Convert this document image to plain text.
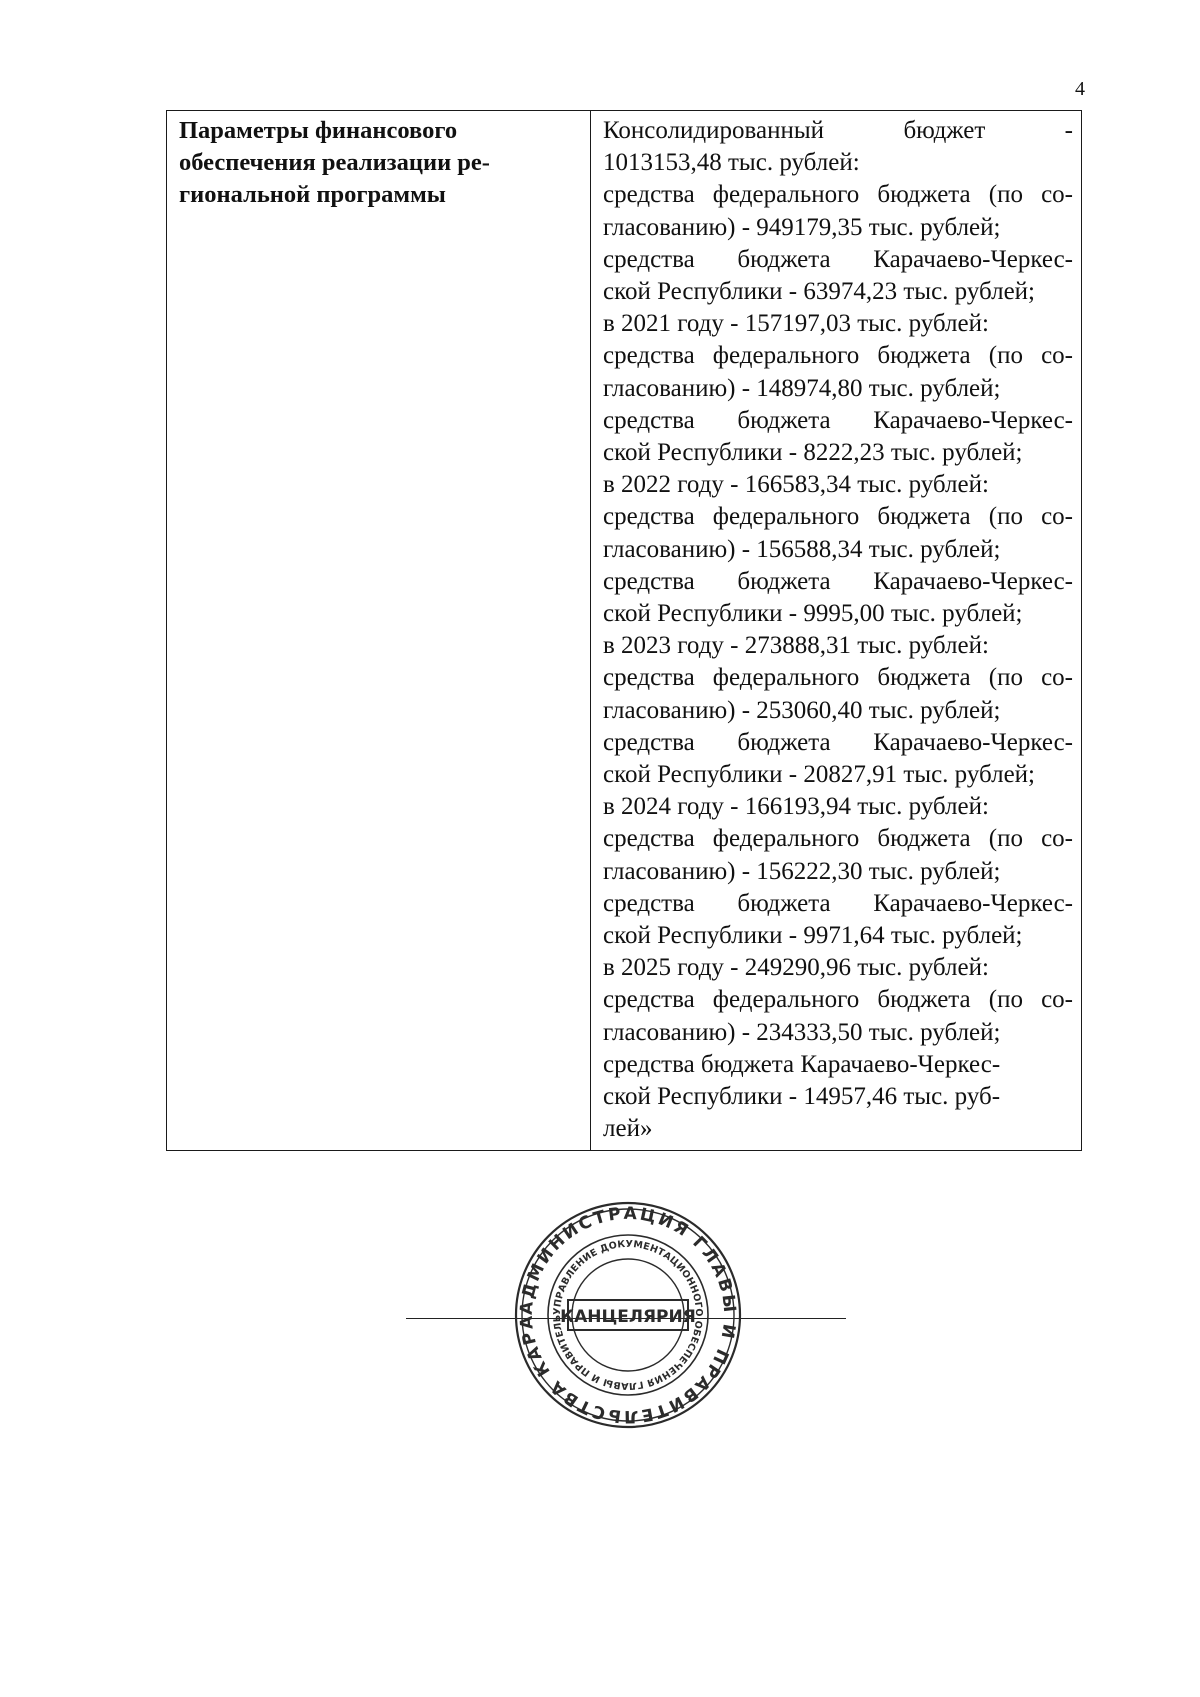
4
Параметры финансового
обеспечения реализации ре-
гиональной программы

Консолидированный бюджет -
1013153,48 тыс. рублей:
средства федерального бюджета (по со-
гласованию) - 949179,35 тыс. рублей;
средства бюджета Карачаево-Черкес-
ской Республики - 63974,23 тыс. рублей;
в 2021 году - 157197,03 тыс. рублей:
средства федерального бюджета (по со-
гласованию) - 148974,80 тыс. рублей;
средства бюджета Карачаево-Черкес-
ской Республики - 8222,23 тыс. рублей;
в 2022 году - 166583,34 тыс. рублей:
средства федерального бюджета (по со-
гласованию) - 156588,34 тыс. рублей;
средства бюджета Карачаево-Черкес-
ской Республики - 9995,00 тыс. рублей;
в 2023 году - 273888,31 тыс. рублей:
средства федерального бюджета (по со-
гласованию) - 253060,40 тыс. рублей;
средства бюджета Карачаево-Черкес-
ской Республики - 20827,91 тыс. рублей;
в 2024 году - 166193,94 тыс. рублей:
средства федерального бюджета (по со-
гласованию) - 156222,30 тыс. рублей;
средства бюджета Карачаево-Черкес-
ской Республики - 9971,64 тыс. рублей;
в 2025 году - 249290,96 тыс. рублей:
средства федерального бюджета (по со-
гласованию) - 234333,50 тыс. рублей;
средства бюджета Карачаево-Черкес-
ской Республики - 14957,46 тыс. руб-
лей»
АДМИНИСТРАЦИЯ ГЛАВЫ И ПРАВИТЕЛЬСТВА КАРА
УПРАВЛЕНИЕ ДОКУМЕНТАЦИОННОГО ОБЕСПЕЧЕНИЯ ГЛАВЫ И ПРАВИТЕЛЬ
КАНЦЕЛЯРИЯ
